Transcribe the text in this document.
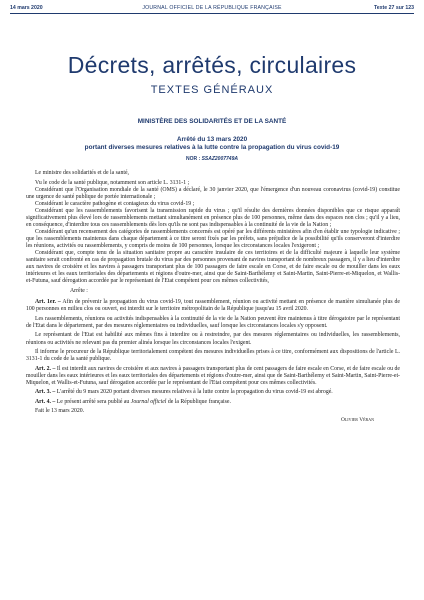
14 mars 2020	JOURNAL OFFICIEL DE LA RÉPUBLIQUE FRANÇAISE	Texte 27 sur 123
Décrets, arrêtés, circulaires
TEXTES GÉNÉRAUX
MINISTÈRE DES SOLIDARITÉS ET DE LA SANTÉ
Arrêté du 13 mars 2020
portant diverses mesures relatives à la lutte contre la propagation du virus covid-19
NOR : SSAZ2007749A

Le ministre des solidarités et de la santé,

Vu le code de la santé publique, notamment son article L. 3131-1 ;

Considérant que l'Organisation mondiale de la santé (OMS) a déclaré, le 30 janvier 2020, que l'émergence d'un nouveau coronavirus (covid-19) constitue une urgence de santé publique de portée internationale ;

Considérant le caractère pathogène et contagieux du virus covid-19 ;

Considérant que les rassemblements favorisent la transmission rapide du virus ; qu'il résulte des dernières données disponibles que ce risque apparaît significativement plus élevé lors de rassemblements mettant simultanément en présence plus de 100 personnes, même dans des espaces non clos ; qu'il y a lieu, en conséquence, d'interdire tous ces rassemblements dès lors qu'ils ne sont pas indispensables à la continuité de la vie de la Nation ;

Considérant qu'un recensement des catégories de rassemblements concernés est opéré par les différents ministères afin d'en établir une typologie indicative ; que les rassemblements maintenus dans chaque département à ce titre seront fixés par les préfets, sans préjudice de la possibilité qu'ils conserveront d'interdire les réunions, activités ou rassemblements, y compris de moins de 100 personnes, lorsque les circonstances locales l'exigeront ;

Considérant que, compte tenu de la situation sanitaire propre au caractère insulaire de ces territoires et de la difficulté majeure à laquelle leur système sanitaire serait confronté en cas de propagation brutale du virus par des personnes provenant de navires transportant de nombreux passagers, il y a lieu d'interdire aux navires de croisière et les navires à passagers transportant plus de 100 passagers de faire escale en Corse, et de faire escale ou de mouiller dans les eaux intérieures et les eaux territoriales des départements et régions d'outre-mer, ainsi que de Saint-Barthélemy et Saint-Martin, Saint-Pierre-et-Miquelon, et Wallis-et-Futuna, sauf dérogation accordée par le représentant de l'Etat compétent pour ces mêmes collectivités,

Arrête :

Art. 1er. – Afin de prévenir la propagation du virus covid-19, tout rassemblement, réunion ou activité mettant en présence de manière simultanée plus de 100 personnes en milieu clos ou ouvert, est interdit sur le territoire métropolitain de la République jusqu'au 15 avril 2020.

Les rassemblements, réunions ou activités indispensables à la continuité de la vie de la Nation peuvent être maintenus à titre dérogatoire par le représentant de l'Etat dans le département, par des mesures réglementaires ou individuelles, sauf lorsque les circonstances locales s'y opposent.

Le représentant de l'Etat est habilité aux mêmes fins à interdire ou à restreindre, par des mesures réglementaires ou individuelles, les rassemblements, réunions ou activités ne relevant pas du premier alinéa lorsque les circonstances locales l'exigent.

Il informe le procureur de la République territorialement compétent des mesures individuelles prises à ce titre, conformément aux dispositions de l'article L. 3131-1 du code de la santé publique.

Art. 2. – Il est interdit aux navires de croisière et aux navires à passagers transportant plus de cent passagers de faire escale en Corse, et de faire escale ou de mouiller dans les eaux intérieures et les eaux territoriales des départements et régions d'outre-mer, ainsi que de Saint-Barthélemy et Saint-Martin, Saint-Pierre-et-Miquelon, et Wallis-et-Futuna, sauf dérogation accordée par le représentant de l'Etat compétent pour ces mêmes collectivités.

Art. 3. – L'arrêté du 9 mars 2020 portant diverses mesures relatives à la lutte contre la propagation du virus covid-19 est abrogé.

Art. 4. – Le présent arrêté sera publié au Journal officiel de la République française.

Fait le 13 mars 2020.

Olivier Véran
